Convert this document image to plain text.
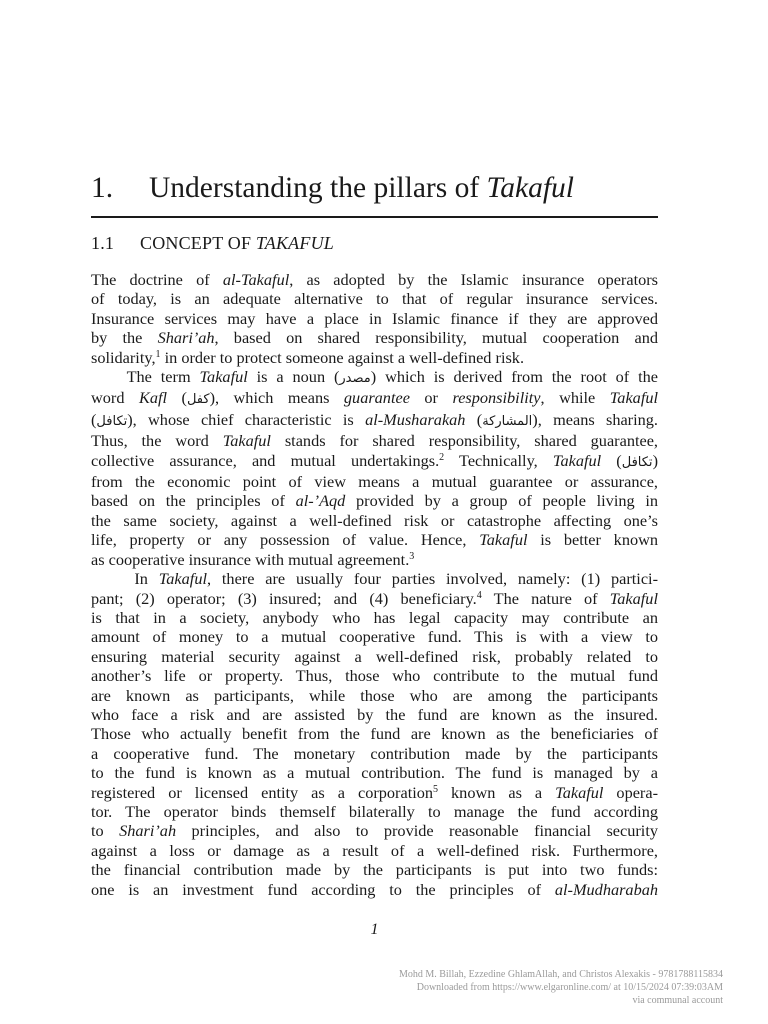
1. Understanding the pillars of Takaful
1.1 CONCEPT OF TAKAFUL

The doctrine of al-Takaful, as adopted by the Islamic insurance operators
of today, is an adequate alternative to that of regular insurance services.
Insurance services may have a place in Islamic finance if they are approved
by the Shari’ah, based on shared responsibility, mutual cooperation and
solidarity,$^1$ in order to protect someone against a well-defined risk.

The term Takaful is a noun (مصدر) which is derived from the root of the
word Kafl (كفل), which means guarantee or responsibility, while Takaful
(تكافل), whose chief characteristic is al-Musharakah (المشاركة), means sharing.
Thus, the word Takaful stands for shared responsibility, shared guarantee,
collective assurance, and mutual undertakings.$^2$ Technically, Takaful (تكافل)
from the economic point of view means a mutual guarantee or assurance,
based on the principles of al-’Aqd provided by a group of people living in
the same society, against a well-defined risk or catastrophe affecting one’s
life, property or any possession of value. Hence, Takaful is better known
as cooperative insurance with mutual agreement.$^3$

In Takaful, there are usually four parties involved, namely: (1) partici-
pant; (2) operator; (3) insured; and (4) beneficiary.$^4$ The nature of Takaful
is that in a society, anybody who has legal capacity may contribute an
amount of money to a mutual cooperative fund. This is with a view to
ensuring material security against a well-defined risk, probably related to
another’s life or property. Thus, those who contribute to the mutual fund
are known as participants, while those who are among the participants
who face a risk and are assisted by the fund are known as the insured.
Those who actually benefit from the fund are known as the beneficiaries of
a cooperative fund. The monetary contribution made by the participants
to the fund is known as a mutual contribution. The fund is managed by a
registered or licensed entity as a corporation$^5$ known as a Takaful opera-
tor. The operator binds themself bilaterally to manage the fund according
to Shari’ah principles, and also to provide reasonable financial security
against a loss or damage as a result of a well-defined risk. Furthermore,
the financial contribution made by the participants is put into two funds:
one is an investment fund according to the principles of al-Mudharabah

1
Mohd M. Billah, Ezzedine GhlamAllah, and Christos Alexakis - 9781788115834
Downloaded from https://www.elgaronline.com/ at 10/15/2024 07:39:03AM
via communal account
